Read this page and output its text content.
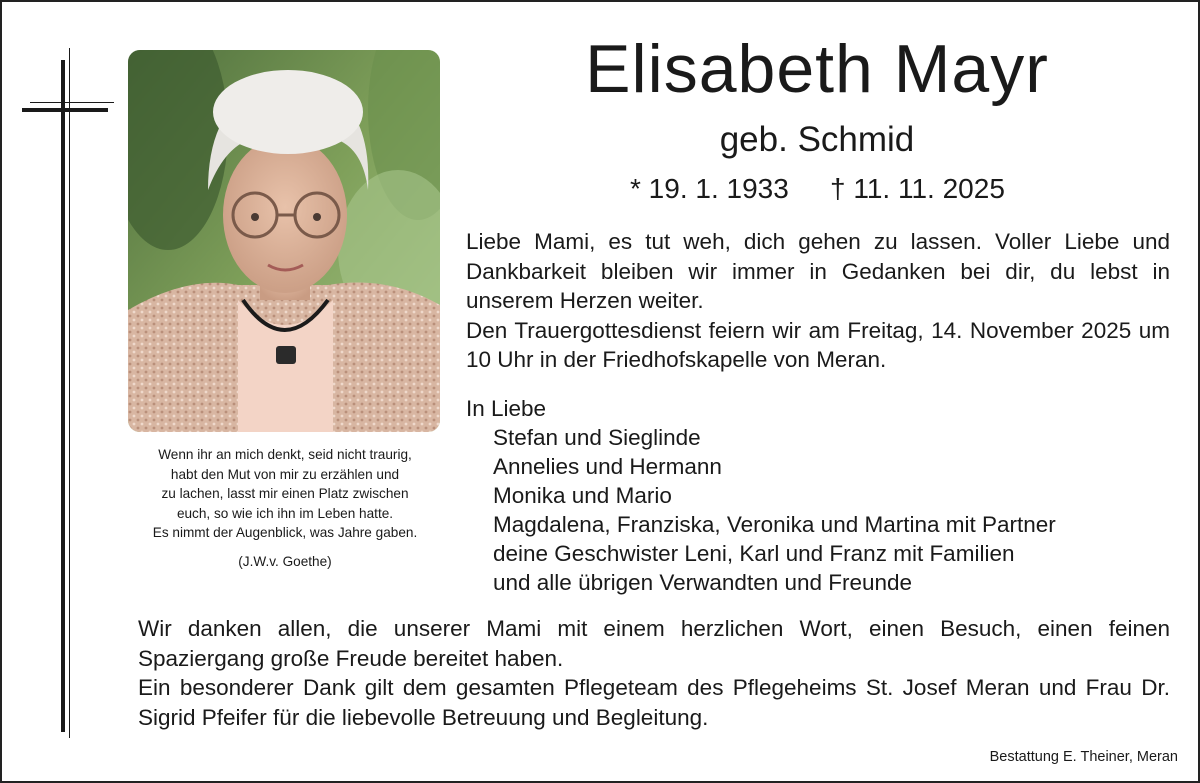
Elisabeth Mayr
geb. Schmid
* 19. 1. 1933 † 11. 11. 2025

Liebe Mami, es tut weh, dich gehen zu lassen. Voller Liebe und Dankbarkeit bleiben wir immer in Gedanken bei dir, du lebst in unserem Herzen weiter.

Den Trauergottesdienst feiern wir am Freitag, 14. November 2025 um 10 Uhr in der Friedhofskapelle von Meran.

In Liebe

Stefan und Sieglinde
Annelies und Hermann
Monika und Mario
Magdalena, Franziska, Veronika und Martina mit Partner
deine Geschwister Leni, Karl und Franz mit Familien
und alle übrigen Verwandten und Freunde

Wenn ihr an mich denkt, seid nicht traurig,

habt den Mut von mir zu erzählen und

zu lachen, lasst mir einen Platz zwischen

euch, so wie ich ihn im Leben hatte.

Es nimmt der Augenblick, was Jahre gaben.

(J.W.v. Goethe)

Wir danken allen, die unserer Mami mit einem herzlichen Wort, einen Besuch, einen feinen Spaziergang große Freude bereitet haben.

Ein besonderer Dank gilt dem gesamten Pflegeteam des Pflegeheims St. Josef Meran und Frau Dr. Sigrid Pfeifer für die liebevolle Betreuung und Begleitung.

Bestattung E. Theiner, Meran
